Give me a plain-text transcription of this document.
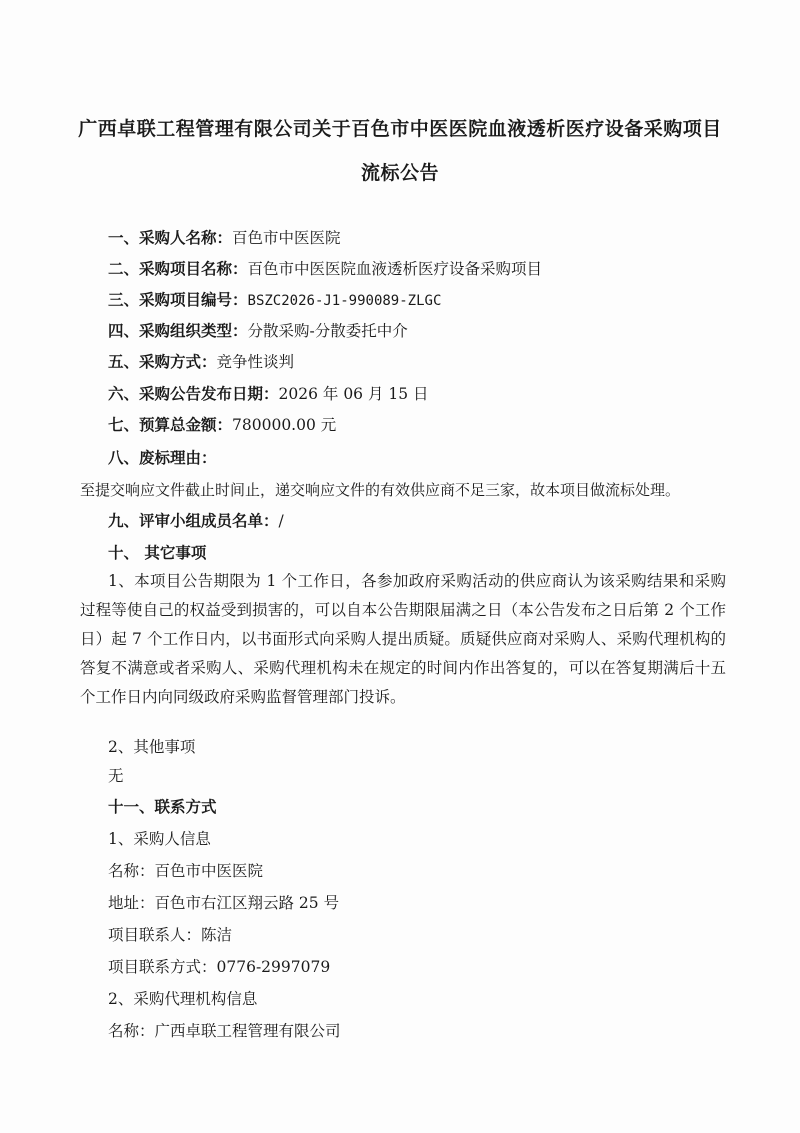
广西卓联工程管理有限公司关于百色市中医医院血液透析医疗设备采购项目
流标公告
一、采购人名称：百色市中医医院
二、采购项目名称：百色市中医医院血液透析医疗设备采购项目
三、采购项目编号：BSZC2026-J1-990089-ZLGC
四、采购组织类型：分散采购-分散委托中介
五、采购方式：竞争性谈判
六、采购公告发布日期：2026 年 06 月 15 日
七、预算总金额：780000.00 元
八、废标理由：
至提交响应文件截止时间止，递交响应文件的有效供应商不足三家，故本项目做流标处理。
九、评审小组成员名单：/
十、 其它事项
1、本项目公告期限为 1 个工作日，各参加政府采购活动的供应商认为该采购结果和采购过程等使自己的权益受到损害的，可以自本公告期限届满之日（本公告发布之日后第 2 个工作日）起 7 个工作日内，以书面形式向采购人提出质疑。质疑供应商对采购人、采购代理机构的答复不满意或者采购人、采购代理机构未在规定的时间内作出答复的，可以在答复期满后十五个工作日内向同级政府采购监督管理部门投诉。
2、其他事项
无
十一、联系方式
1、采购人信息
名称：百色市中医医院
地址：百色市右江区翔云路 25 号
项目联系人：陈洁
项目联系方式：0776-2997079
2、采购代理机构信息
名称：广西卓联工程管理有限公司
